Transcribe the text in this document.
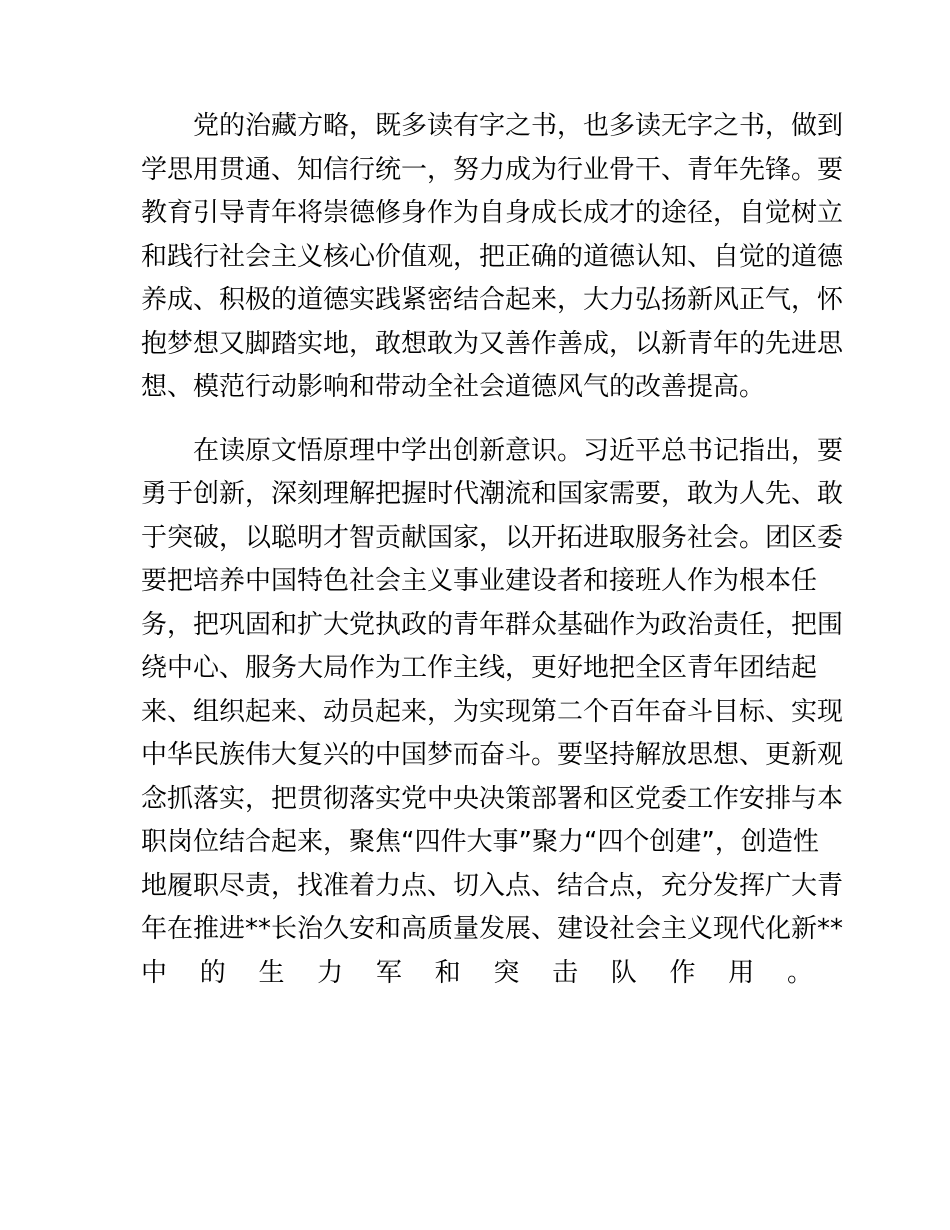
党的治藏方略，既多读有字之书，也多读无字之书，做到
学思用贯通、知信行统一，努力成为行业骨干、青年先锋。要
教育引导青年将崇德修身作为自身成长成才的途径，自觉树立
和践行社会主义核心价值观，把正确的道德认知、自觉的道德
养成、积极的道德实践紧密结合起来，大力弘扬新风正气，怀
抱梦想又脚踏实地，敢想敢为又善作善成，以新青年的先进思
想、模范行动影响和带动全社会道德风气的改善提高。
在读原文悟原理中学出创新意识。习近平总书记指出，要
勇于创新，深刻理解把握时代潮流和国家需要，敢为人先、敢
于突破，以聪明才智贡献国家，以开拓进取服务社会。团区委
要把培养中国特色社会主义事业建设者和接班人作为根本任
务，把巩固和扩大党执政的青年群众基础作为政治责任，把围
绕中心、服务大局作为工作主线，更好地把全区青年团结起
来、组织起来、动员起来，为实现第二个百年奋斗目标、实现
中华民族伟大复兴的中国梦而奋斗。要坚持解放思想、更新观
念抓落实，把贯彻落实党中央决策部署和区党委工作安排与本
职岗位结合起来，聚焦“四件大事”聚力“四个创建”，创造性
地履职尽责，找准着力点、切入点、结合点，充分发挥广大青
年在推进**长治久安和高质量发展、建设社会主义现代化新**
中的生力军和突击队作用。
